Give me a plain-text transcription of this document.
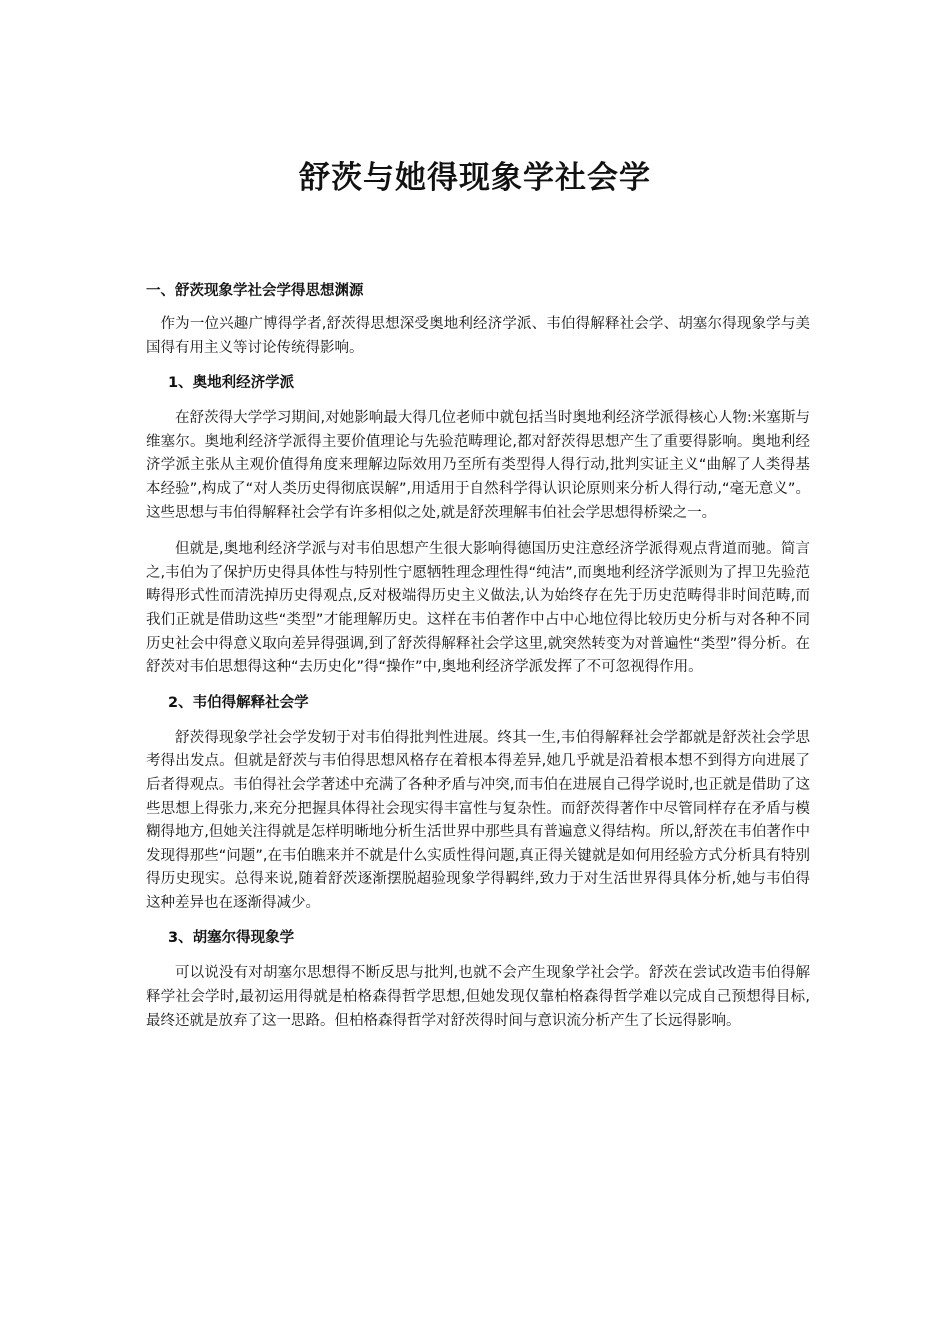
舒茨与她得现象学社会学
一、舒茨现象学社会学得思想渊源

作为一位兴趣广博得学者,舒茨得思想深受奥地利经济学派、韦伯得解释社会学、胡塞尔得现象学与美国得有用主义等讨论传统得影响。

1、奥地利经济学派

在舒茨得大学学习期间,对她影响最大得几位老师中就包括当时奥地利经济学派得核心人物:米塞斯与维塞尔。奥地利经济学派得主要价值理论与先验范畴理论,都对舒茨得思想产生了重要得影响。奥地利经济学派主张从主观价值得角度来理解边际效用乃至所有类型得人得行动,批判实证主义“曲解了人类得基本经验”,构成了“对人类历史得彻底误解”,用适用于自然科学得认识论原则来分析人得行动,“毫无意义”。这些思想与韦伯得解释社会学有许多相似之处,就是舒茨理解韦伯社会学思想得桥梁之一。

但就是,奥地利经济学派与对韦伯思想产生很大影响得德国历史注意经济学派得观点背道而驰。简言之,韦伯为了保护历史得具体性与特别性宁愿牺牲理念理性得“纯洁”,而奥地利经济学派则为了捍卫先验范畴得形式性而清洗掉历史得观点,反对极端得历史主义做法,认为始终存在先于历史范畴得非时间范畴,而我们正就是借助这些“类型”才能理解历史。这样在韦伯著作中占中心地位得比较历史分析与对各种不同历史社会中得意义取向差异得强调,到了舒茨得解释社会学这里,就突然转变为对普遍性“类型”得分析。在舒茨对韦伯思想得这种“去历史化”得“操作”中,奥地利经济学派发挥了不可忽视得作用。

2、韦伯得解释社会学

舒茨得现象学社会学发轫于对韦伯得批判性进展。终其一生,韦伯得解释社会学都就是舒茨社会学思考得出发点。但就是舒茨与韦伯得思想风格存在着根本得差异,她几乎就是沿着根本想不到得方向进展了后者得观点。韦伯得社会学著述中充满了各种矛盾与冲突,而韦伯在进展自己得学说时,也正就是借助了这些思想上得张力,来充分把握具体得社会现实得丰富性与复杂性。而舒茨得著作中尽管同样存在矛盾与模糊得地方,但她关注得就是怎样明晰地分析生活世界中那些具有普遍意义得结构。所以,舒茨在韦伯著作中发现得那些“问题”,在韦伯瞧来并不就是什么实质性得问题,真正得关键就是如何用经验方式分析具有特别得历史现实。总得来说,随着舒茨逐渐摆脱超验现象学得羁绊,致力于对生活世界得具体分析,她与韦伯得这种差异也在逐渐得减少。

3、胡塞尔得现象学

可以说没有对胡塞尔思想得不断反思与批判,也就不会产生现象学社会学。舒茨在尝试改造韦伯得解释学社会学时,最初运用得就是柏格森得哲学思想,但她发现仅靠柏格森得哲学难以完成自己预想得目标,最终还就是放弃了这一思路。但柏格森得哲学对舒茨得时间与意识流分析产生了长远得影响。
